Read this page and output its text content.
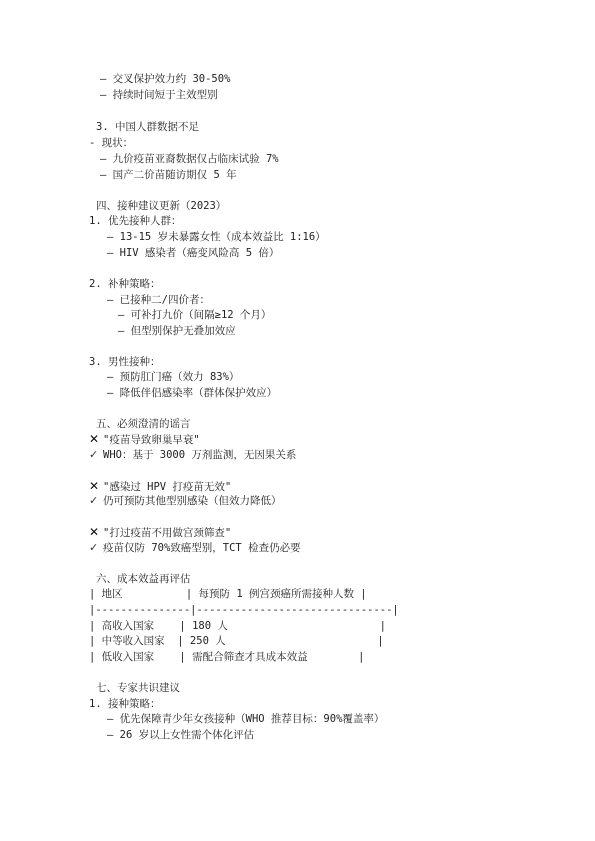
– 交叉保护效力约 30-50%
– 持续时间短于主效型别
3. 中国人群数据不足
- 现状：
– 九价疫苗亚裔数据仅占临床试验 7%
– 国产二价苗随访期仅 5 年
四、接种建议更新（2023）
1. 优先接种人群：
– 13-15 岁未暴露女性（成本效益比 1:16）
– HIV 感染者（癌变风险高 5 倍）
2. 补种策略：
– 已接种二/四价者：
– 可补打九价（间隔≥12 个月）
– 但型别保护无叠加效应
3. 男性接种：
– 预防肛门癌（效力 83%）
– 降低伴侣感染率（群体保护效应）
五、必须澄清的谣言
✕ "疫苗导致卵巢早衰"
✓ WHO：基于 3000 万剂监测，无因果关系
✕ "感染过 HPV 打疫苗无效"
✓ 仍可预防其他型别感染（但效力降低）
✕ "打过疫苗不用做宫颈筛查"
✓ 疫苗仅防 70%致癌型别，TCT 检查仍必要
六、成本效益再评估
| 地区          | 每预防 1 例宫颈癌所需接种人数 |
|---------------|-------------------------------|
| 高收入国家    | 180 人                        |
| 中等收入国家  | 250 人                        |
| 低收入国家    | 需配合筛查才具成本效益        |
七、专家共识建议
1. 接种策略：
– 优先保障青少年女孩接种（WHO 推荐目标：90%覆盖率）
– 26 岁以上女性需个体化评估
